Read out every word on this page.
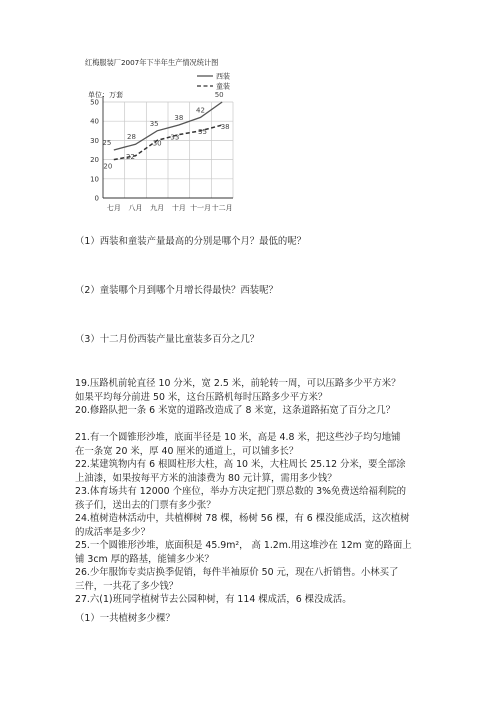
红梅服装厂2007年下半年生产情况统计图
单位：万套
0
10
20
30
40
50
七月 八月 九月 十月 十一月 十二月
25
28
35
38
42
50
20
22
30
33
35
38
西装
童装
（1）西装和童装产量最高的分别是哪个月？最低的呢？
（2）童装哪个月到哪个月增长得最快？西装呢？
（3）十二月份西装产量比童装多百分之几？
19.压路机前轮直径 10 分米，宽 2.5 米，前轮转一周，可以压路多少平方米？
如果平均每分前进 50 米，这台压路机每时压路多少平方米？
20.修路队把一条 6 米宽的道路改造成了 8 米宽，这条道路拓宽了百分之几？
21.有一个圆锥形沙堆，底面半径是 10 米，高是 4.8 米，把这些沙子均匀地铺
在一条宽 20 米，厚 40 厘米的通道上，可以铺多长？
22.某建筑物内有 6 根圆柱形大柱，高 10 米，大柱周长 25.12 分米，要全部涂
上油漆，如果按每平方米的油漆费为 80 元计算，需用多少钱？
23.体育场共有 12000 个座位，举办方决定把门票总数的 3%免费送给福利院的
孩子们，送出去的门票有多少张？
24.植树造林活动中，共植柳树 78 棵，杨树 56 棵，有 6 棵没能成活，这次植树
的成活率是多少？
25.一个圆锥形沙堆，底面积是 45.9m²， 高 1.2m.用这堆沙在 12m 宽的路面上
铺 3cm 厚的路基，能铺多少米？
26.少年服饰专卖店换季促销，每件半袖原价 50 元，现在八折销售。小林买了
三件，一共花了多少钱？
27.六(1)班同学植树节去公园种树，有 114 棵成活，6 棵没成活。
（1）一共植树多少棵？
